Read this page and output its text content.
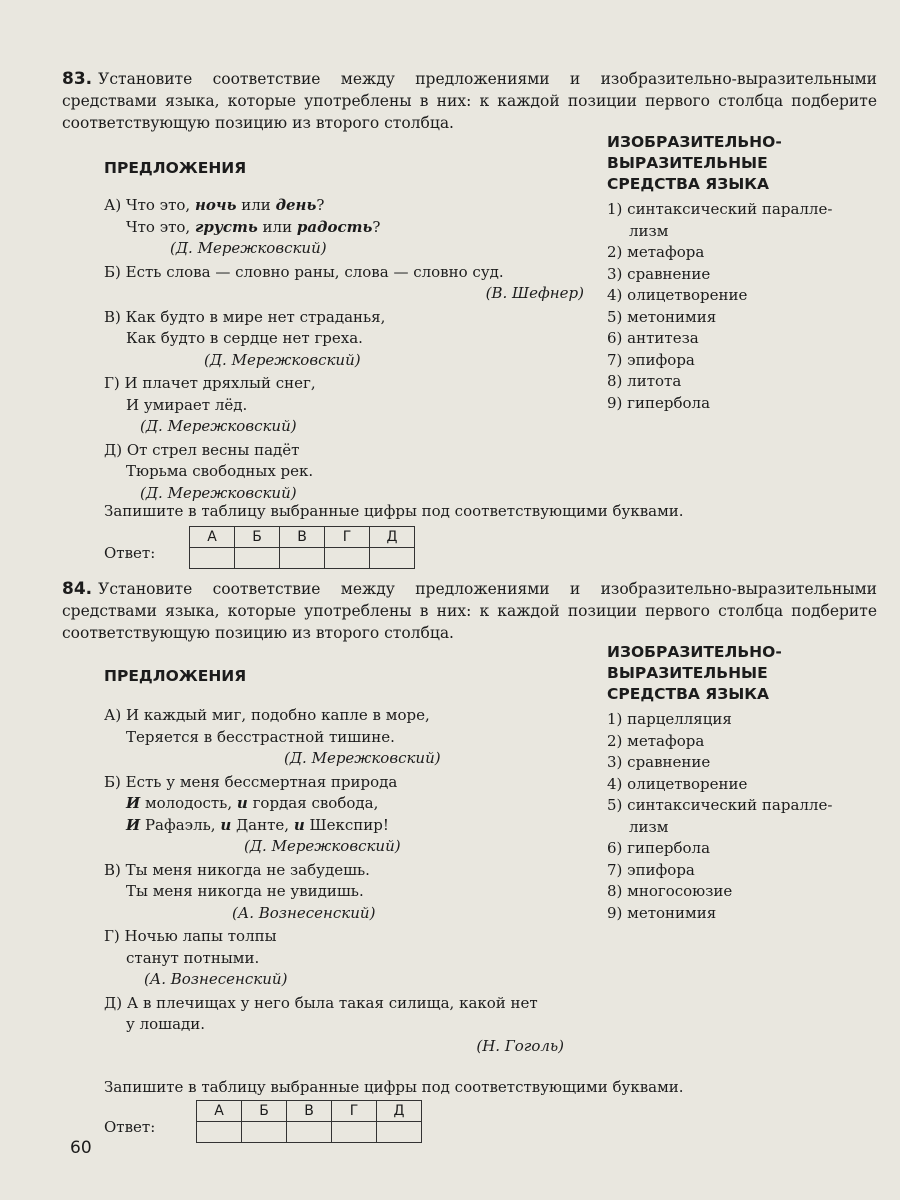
83. Установите соответствие между предложениями и изобразительно-выразительными средствами языка, которые употреблены в них: к каждой позиции первого столбца подберите соответствующую позицию из второго столбца.
ПРЕДЛОЖЕНИЯ
А) Что это, ночь или день?
Что это, грусть или радость?
(Д. Мережковский)
Б) Есть слова — словно раны, слова — словно суд.
(В. Шефнер)
В) Как будто в мире нет страданья,
Как будто в сердце нет греха.
(Д. Мережковский)
Г) И плачет дряхлый снег,
И умирает лёд.
(Д. Мережковский)
Д) От стрел весны падёт
Тюрьма свободных рек.
(Д. Мережковский)
ИЗОБРАЗИТЕЛЬНО-
ВЫРАЗИТЕЛЬНЫЕ
СРЕДСТВА ЯЗЫКА
1) синтаксический паралле-
лизм
2) метафора
3) сравнение
4) олицетворение
5) метонимия
6) антитеза
7) эпифора
8) литота
9) гипербола
Запишите в таблицу выбранные цифры под соответствующими буквами.
Ответ:
А	Б	В	Г	Д

84. Установите соответствие между предложениями и изобразительно-выразительными средствами языка, которые употреблены в них: к каждой позиции первого столбца подберите соответствующую позицию из второго столбца.
ПРЕДЛОЖЕНИЯ
А) И каждый миг, подобно капле в море,
Теряется в бесстрастной тишине.
(Д. Мережковский)
Б) Есть у меня бессмертная природа
И молодость, и гордая свобода,
И Рафаэль, и Данте, и Шекспир!
(Д. Мережковский)
В) Ты меня никогда не забудешь.
Ты меня никогда не увидишь.
(А. Вознесенский)
Г) Ночью лапы толпы
станут потными.
(А. Вознесенский)
Д) А в плечищах у него была такая силища, какой нет
у лошади.
(Н. Гоголь)
ИЗОБРАЗИТЕЛЬНО-
ВЫРАЗИТЕЛЬНЫЕ
СРЕДСТВА ЯЗЫКА
1) парцелляция
2) метафора
3) сравнение
4) олицетворение
5) синтаксический паралле-
лизм
6) гипербола
7) эпифора
8) многосоюзие
9) метонимия
Запишите в таблицу выбранные цифры под соответствующими буквами.
Ответ:
А	Б	В	Г	Д

60
